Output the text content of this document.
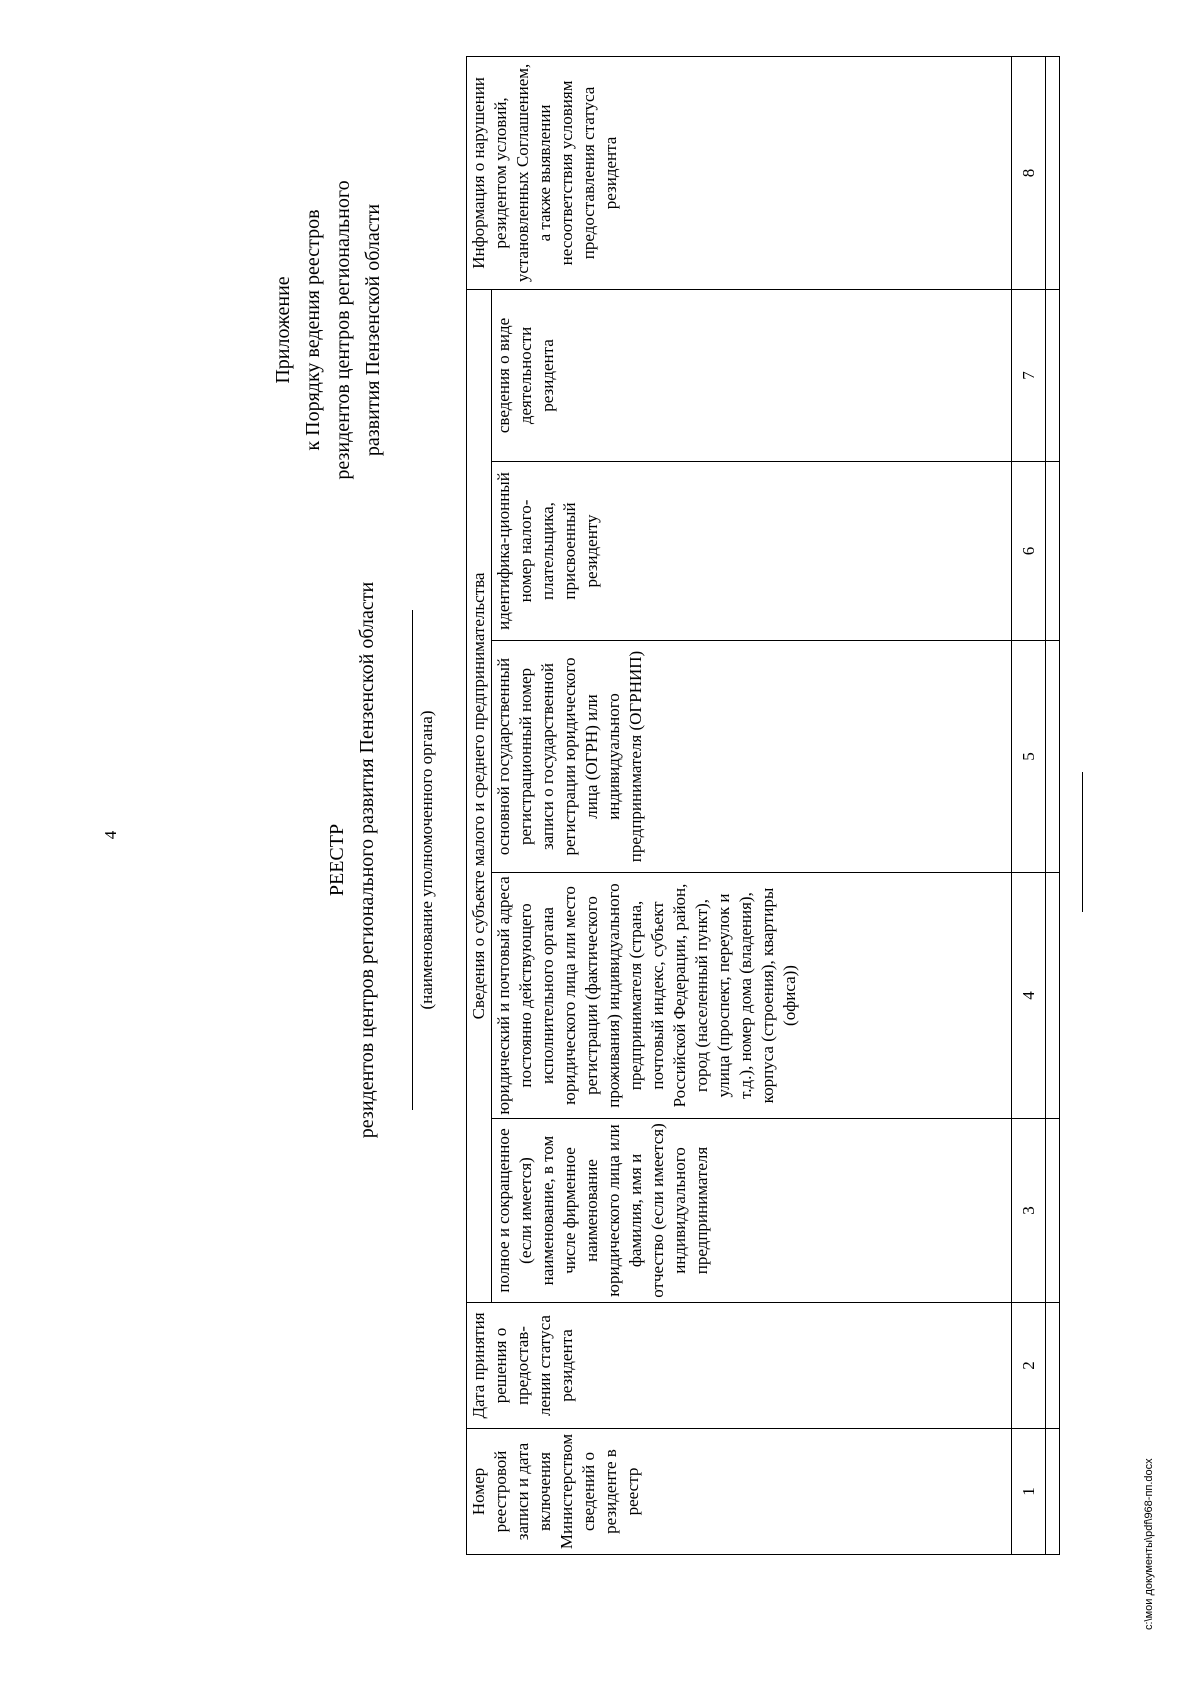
4
Приложение к Порядку ведения реестров резидентов центров регионального развития Пензенской области
РЕЕСТР резидентов центров регионального развития Пензенской области (наименование уполномоченного органа)
Номер реестровой записи и дата включения Министерством сведений о резиденте в реестр	Дата принятия решения о предостав-лении статуса резидента	Сведения о субъекте малого и среднего предпринимательства					Информация о нарушении резидентом условий, установленных Соглашением, а также выявлении несоответствия условиям предоставления статуса резидента
		полное и сокращенное (если имеется) наименование, в том числе фирменное наименование юридического лица или фамилия, имя и отчество (если имеется) индивидуального предпринимателя	юридический и почтовый адреса постоянно действующего исполнительного органа юридического лица или место регистрации (фактического проживания) индивидуального предпринимателя (страна, почтовый индекс, субъект Российской Федерации, район, город (населенный пункт), улица (проспект, переулок и т.д.), номер дома (владения), корпуса (строения), квартиры (офиса))	основной государственный регистрационный номер записи о государственной регистрации юридического лица (ОГРН) или индивидуального предпринимателя (ОГРНИП)	идентифика-ционный номер налого-плательщика, присвоенный резиденту	сведения о виде деятельности резидента	
1	2	3	4	5	6	7	8

c:\мои документы\pdf\968-пп.docx
